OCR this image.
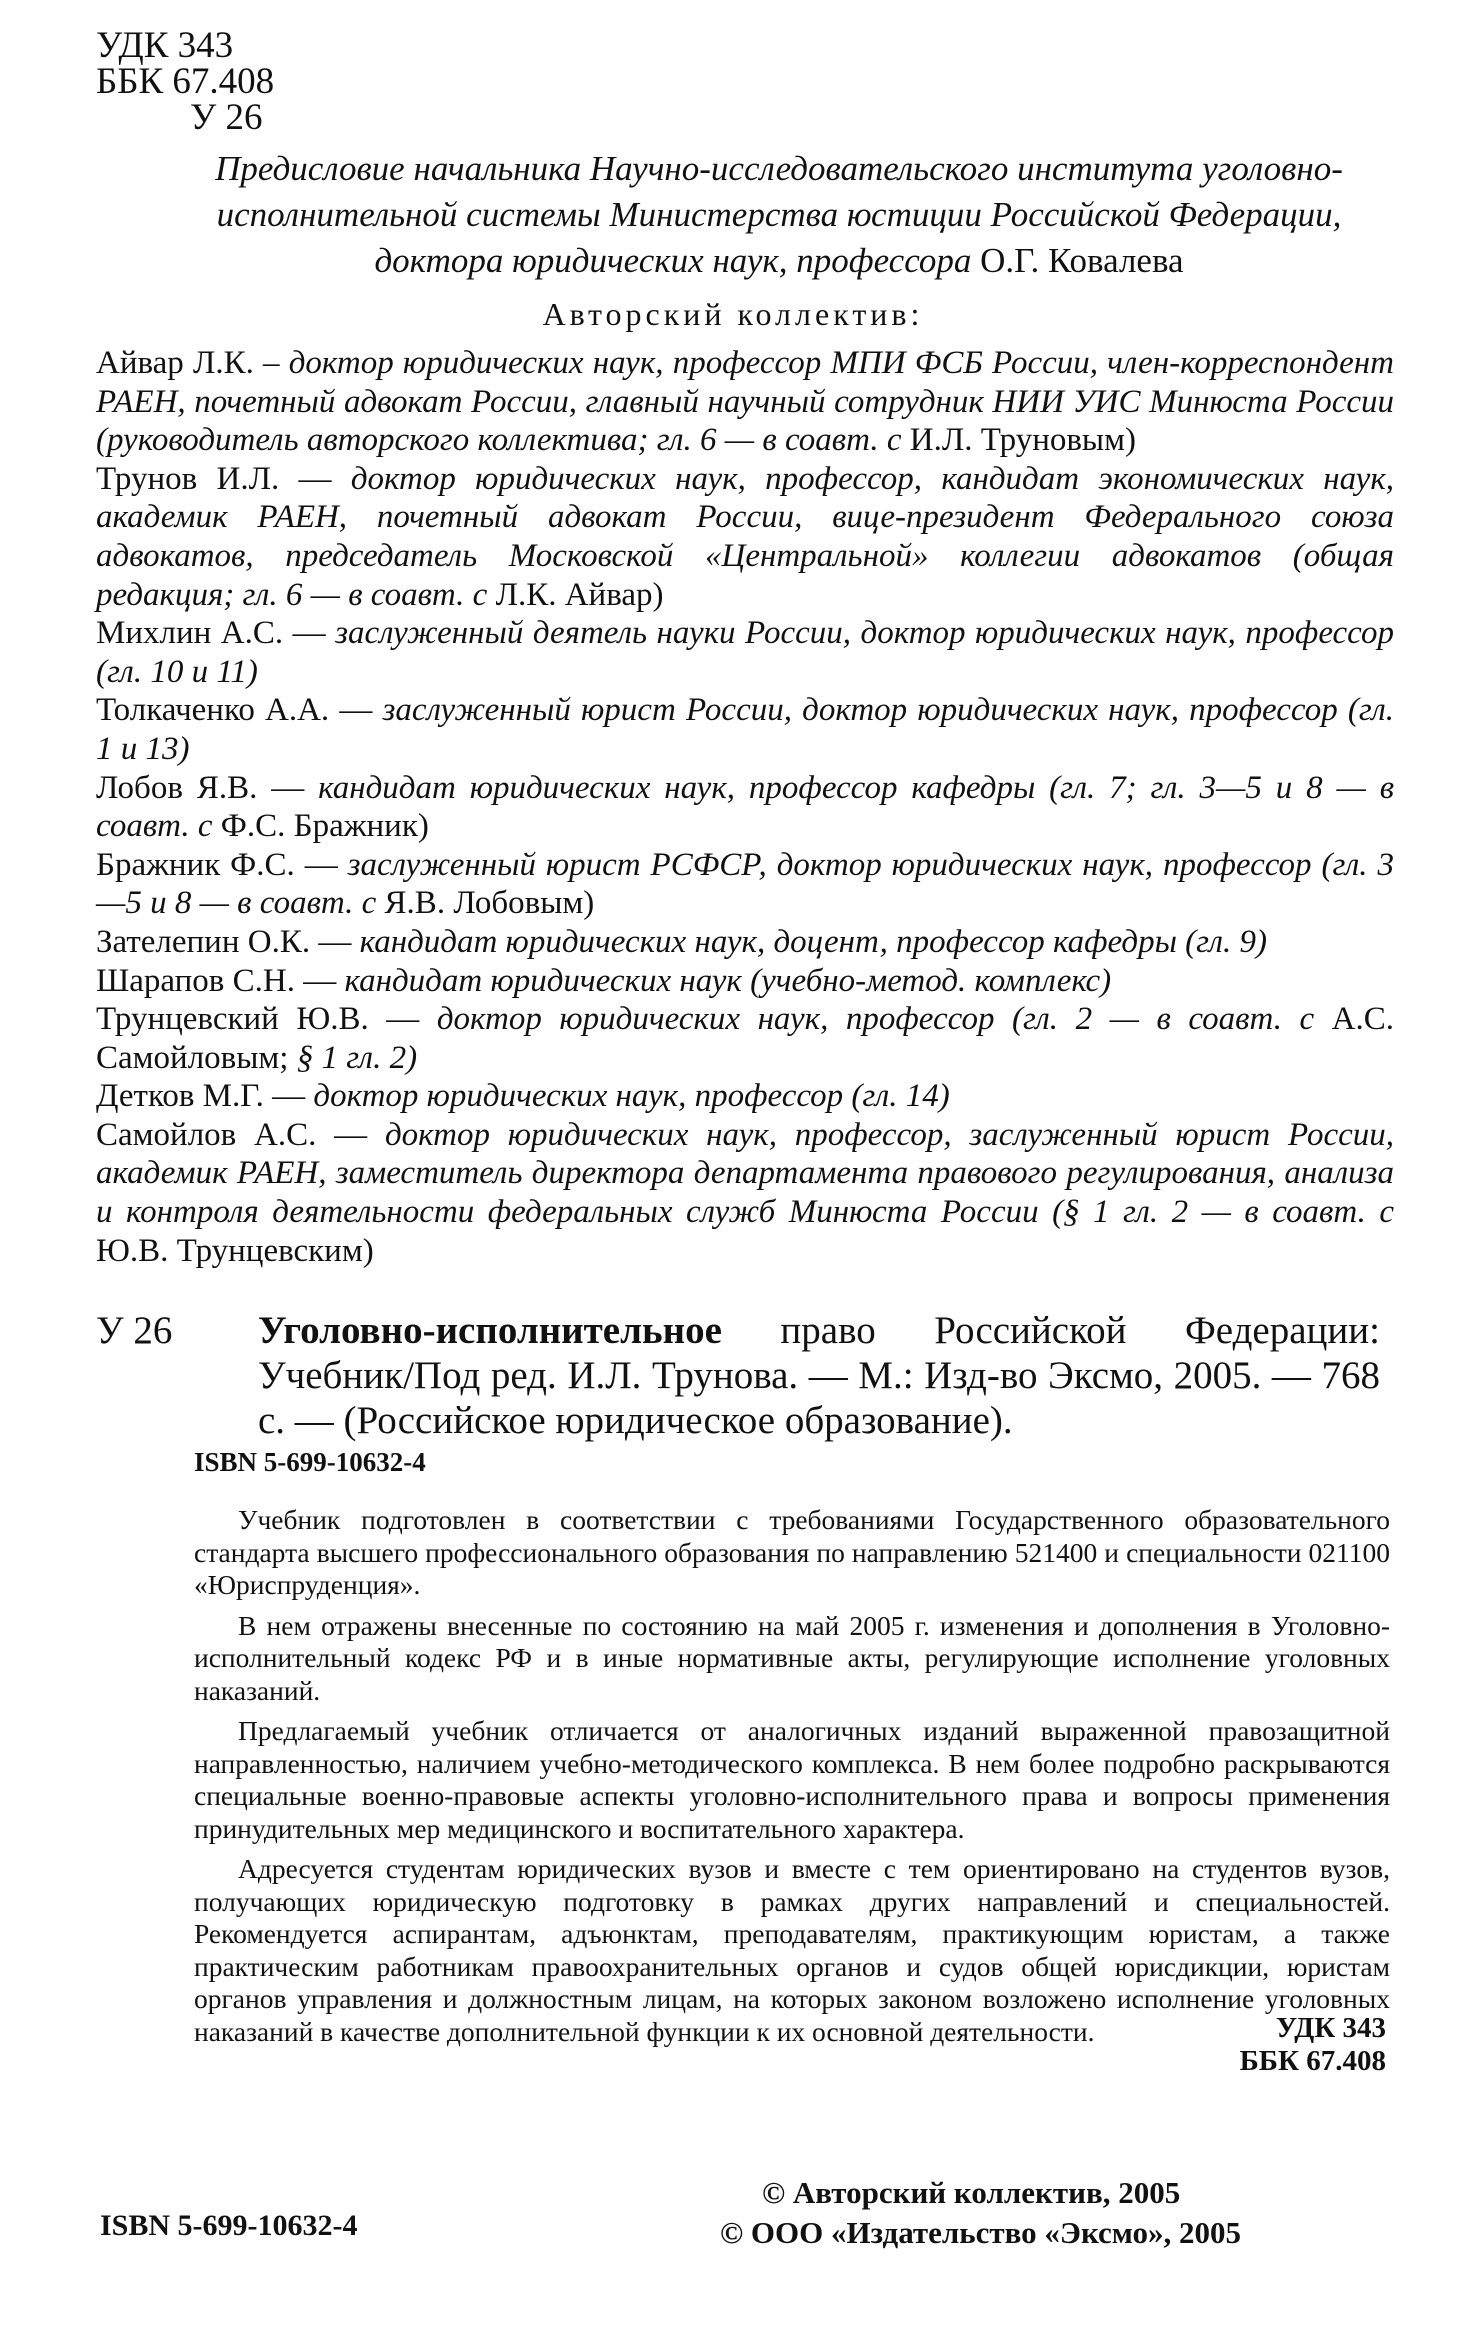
УДК 343
ББК 67.408
У 26
Предисловие начальника Научно-исследовательского института уголовно-исполнительной системы Министерства юстиции Российской Федерации, доктора юридических наук, профессора О.Г. Ковалева
Авторский коллектив:

Айвар Л.К. – доктор юридических наук, профессор МПИ ФСБ России, член-корреспондент РАЕН, почетный адвокат России, главный научный сотрудник НИИ УИС Минюста России (руководитель авторского коллектива; гл. 6 — в соавт. с И.Л. Труновым)

Трунов И.Л. — доктор юридических наук, профессор, кандидат экономических наук, академик РАЕН, почетный адвокат России, вице-президент Федерального союза адвокатов, председатель Московской «Центральной» коллегии адвокатов (общая редакция; гл. 6 — в соавт. с Л.К. Айвар)

Михлин А.С. — заслуженный деятель науки России, доктор юридических наук, профессор (гл. 10 и 11)

Толкаченко А.А. — заслуженный юрист России, доктор юридических наук, профессор (гл. 1 и 13)

Лобов Я.В. — кандидат юридических наук, профессор кафедры (гл. 7; гл. 3—5 и 8 — в соавт. с Ф.С. Бражник)

Бражник Ф.С. — заслуженный юрист РСФСР, доктор юридических наук, профессор (гл. 3—5 и 8 — в соавт. с Я.В. Лобовым)

Зателепин О.К. — кандидат юридических наук, доцент, профессор кафедры (гл. 9)

Шарапов С.Н. — кандидат юридических наук (учебно-метод. комплекс)

Трунцевский Ю.В. — доктор юридических наук, профессор (гл. 2 — в соавт. с А.С. Самойловым; § 1 гл. 2)

Детков М.Г. — доктор юридических наук, профессор (гл. 14)

Самойлов А.С. — доктор юридических наук, профессор, заслуженный юрист России, академик РАЕН, заместитель директора департамента правового регулирования, анализа и контроля деятельности федеральных служб Минюста России (§ 1 гл. 2 — в соавт. с Ю.В. Трунцевским)

У 26 Уголовно-исполнительное право Российской Федерации: Учебник/Под ред. И.Л. Трунова. — М.: Изд-во Эксмо, 2005. — 768 с. — (Российское юридическое образование).
ISBN 5-699-10632-4

Учебник подготовлен в соответствии с требованиями Государственного образовательного стандарта высшего профессионального образования по направлению 521400 и специальности 021100 «Юриспруденция».

В нем отражены внесенные по состоянию на май 2005 г. изменения и дополнения в Уголовно-исполнительный кодекс РФ и в иные нормативные акты, регулирующие исполнение уголовных наказаний.

Предлагаемый учебник отличается от аналогичных изданий выраженной правозащитной направленностью, наличием учебно-методического комплекса. В нем более подробно раскрываются специальные военно-правовые аспекты уголовно-исполнительного права и вопросы применения принудительных мер медицинского и воспитательного характера.

Адресуется студентам юридических вузов и вместе с тем ориентировано на студентов вузов, получающих юридическую подготовку в рамках других направлений и специальностей. Рекомендуется аспирантам, адъюнктам, преподавателям, практикующим юристам, а также практическим работникам правоохранительных органов и судов общей юрисдикции, юристам органов управления и должностным лицам, на которых законом возложено исполнение уголовных наказаний в качестве дополнительной функции к их основной деятельности.	УДК 343
ББК 67.408
ISBN 5-699-10632-4
© Авторский коллектив, 2005
© ООО «Издательство «Эксмо», 2005
